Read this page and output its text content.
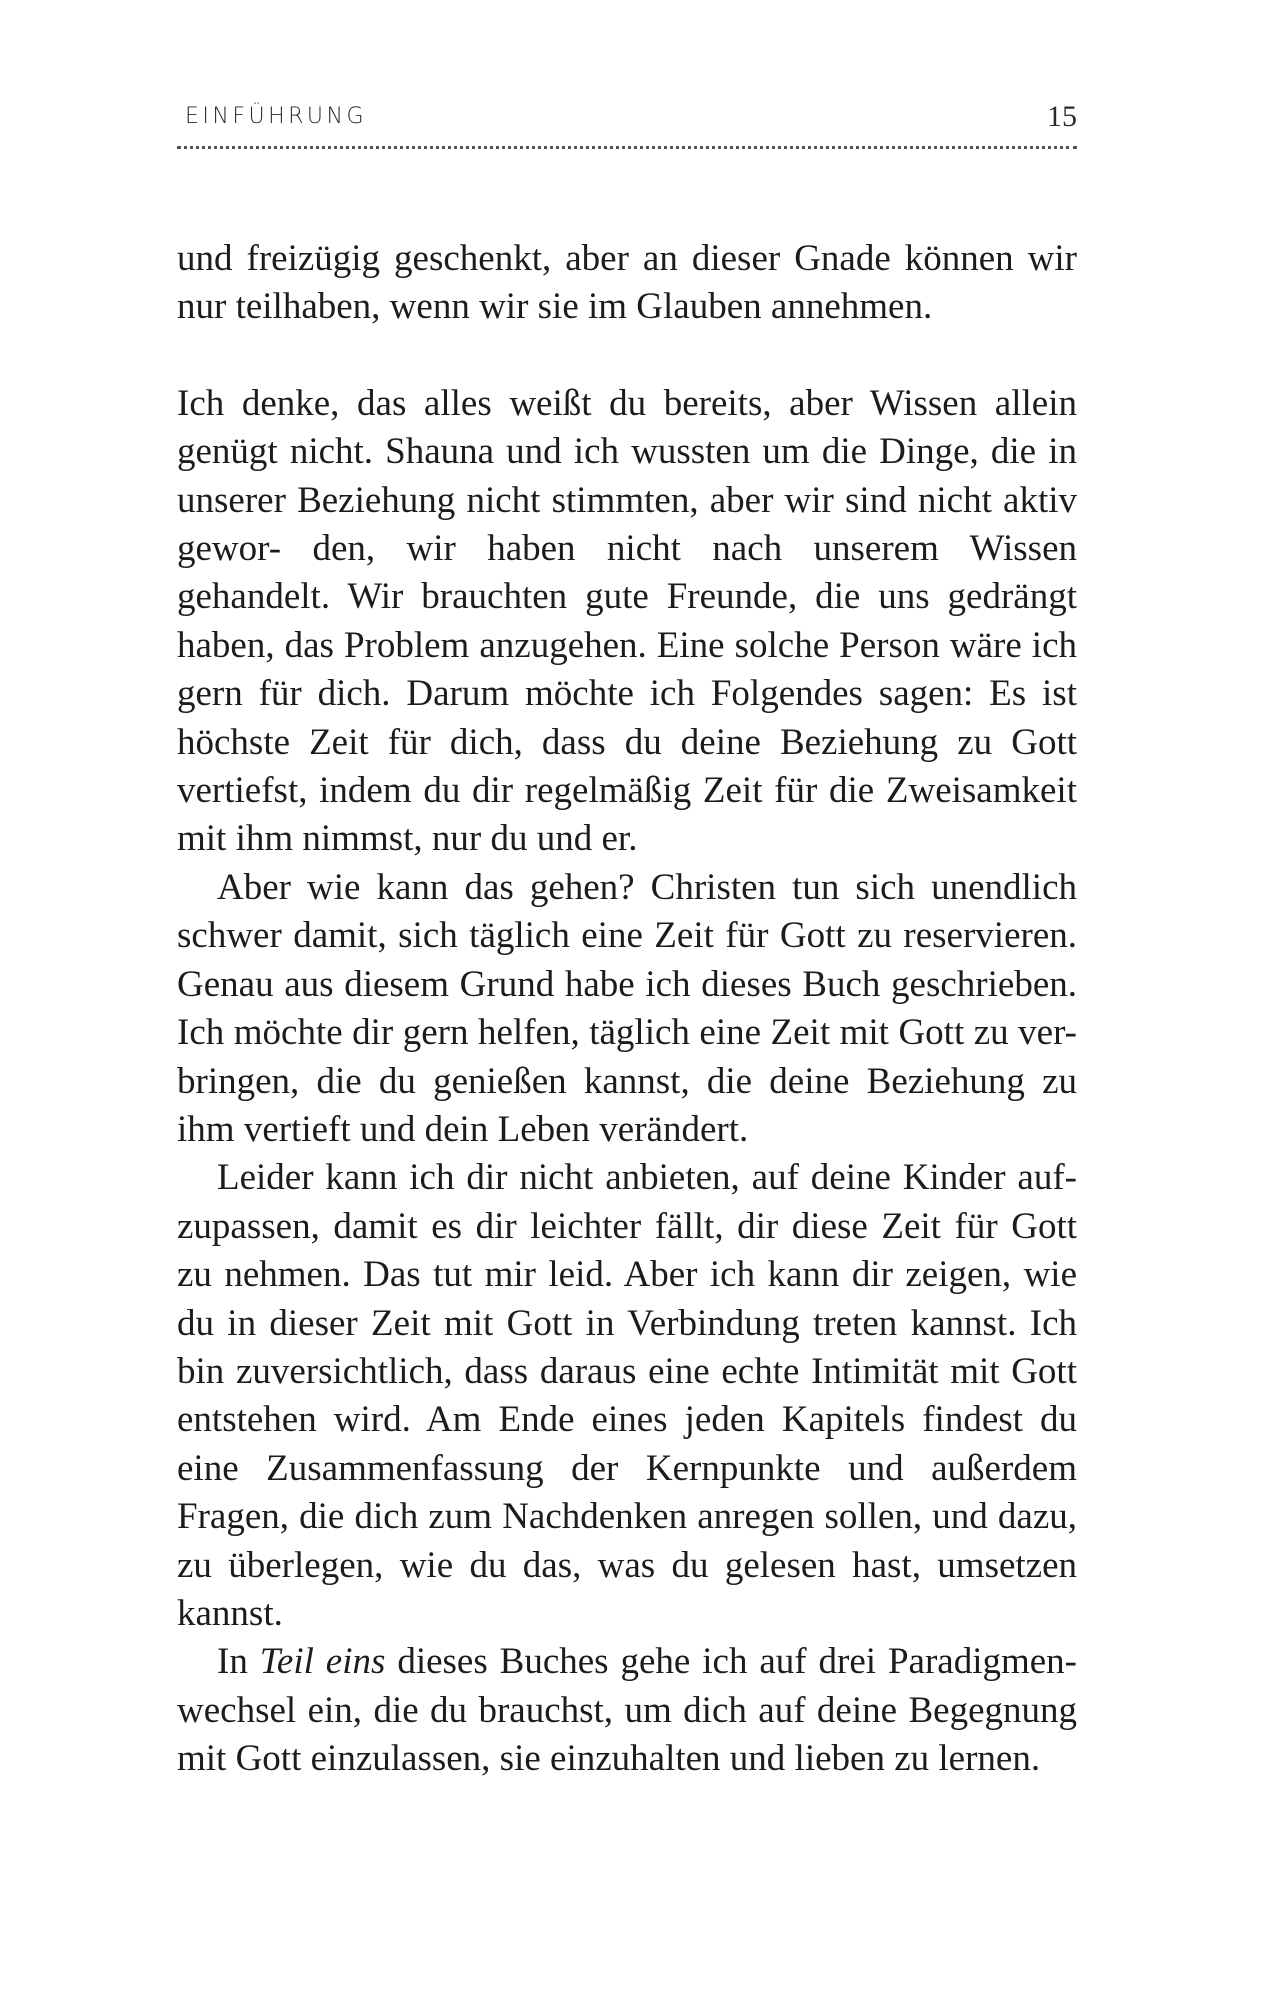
EINFÜHRUNG	15

und freizügig geschenkt, aber an dieser Gnade können wir nur teilhaben, wenn wir sie im Glauben annehmen.

Ich denke, das alles weißt du bereits, aber Wissen allein genügt nicht. Shauna und ich wussten um die Dinge, die in unserer Beziehung nicht stimmten, aber wir sind nicht aktiv gewor- den, wir haben nicht nach unserem Wissen gehandelt. Wir brauchten gute Freunde, die uns gedrängt haben, das Problem anzugehen. Eine solche Person wäre ich gern für dich. Darum möchte ich Folgendes sagen: Es ist höchste Zeit für dich, dass du deine Beziehung zu Gott vertiefst, indem du dir regelmäßig Zeit für die Zweisamkeit mit ihm nimmst, nur du und er.

Aber wie kann das gehen? Christen tun sich unendlich schwer damit, sich täglich eine Zeit für Gott zu reservieren. Genau aus diesem Grund habe ich dieses Buch geschrieben. Ich möchte dir gern helfen, täglich eine Zeit mit Gott zu ver- bringen, die du genießen kannst, die deine Beziehung zu ihm vertieft und dein Leben verändert.

Leider kann ich dir nicht anbieten, auf deine Kinder auf- zupassen, damit es dir leichter fällt, dir diese Zeit für Gott zu nehmen. Das tut mir leid. Aber ich kann dir zeigen, wie du in dieser Zeit mit Gott in Verbindung treten kannst. Ich bin zuversichtlich, dass daraus eine echte Intimität mit Gott entstehen wird. Am Ende eines jeden Kapitels findest du eine Zusammenfassung der Kernpunkte und außerdem Fragen, die dich zum Nachdenken anregen sollen, und dazu, zu überlegen, wie du das, was du gelesen hast, umsetzen kannst.

In Teil eins dieses Buches gehe ich auf drei Paradigmen- wechsel ein, die du brauchst, um dich auf deine Begegnung mit Gott einzulassen, sie einzuhalten und lieben zu lernen.
